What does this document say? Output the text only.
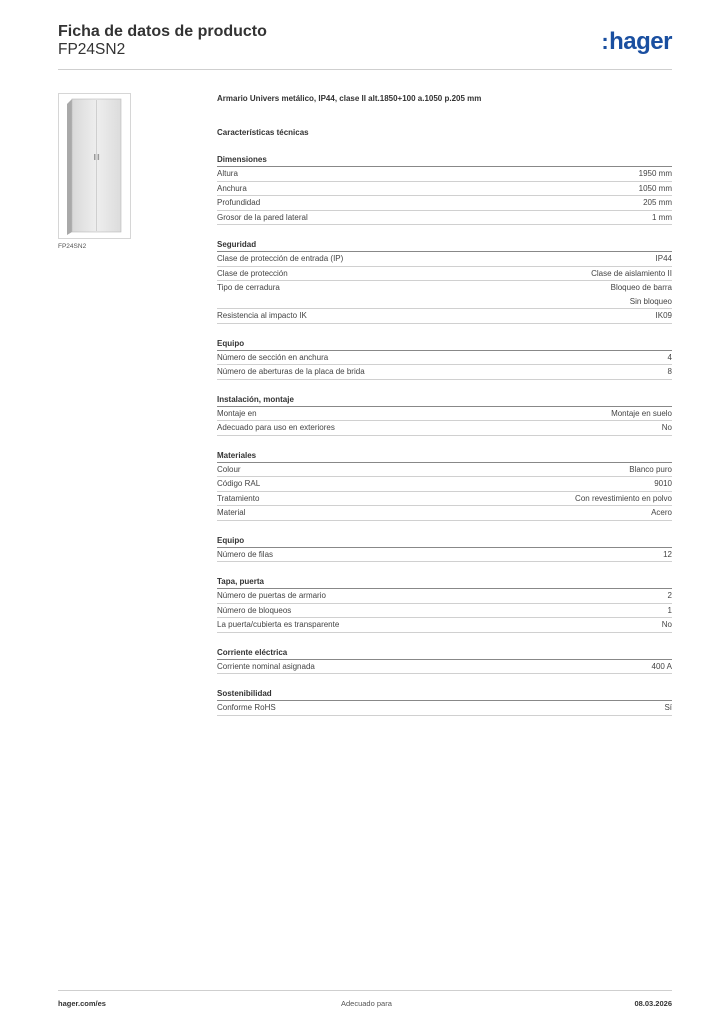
Ficha de datos de producto
FP24SN2	:hager
FP24SN2
Armario Univers metálico, IP44, clase II alt.1850+100 a.1050 p.205 mm
Características técnicas
Dimensiones
Altura	1950 mm
Anchura	1050 mm
Profundidad	205 mm
Grosor de la pared lateral	1 mm
Seguridad
Clase de protección de entrada (IP)	IP44
Clase de protección	Clase de aislamiento II
Tipo de cerradura	Bloqueo de barra
Sin bloqueo
Resistencia al impacto IK	IK09
Equipo
Número de sección en anchura	4
Número de aberturas de la placa de brida	8
Instalación, montaje
Montaje en	Montaje en suelo
Adecuado para uso en exteriores	No
Materiales
Colour	Blanco puro
Código RAL	9010
Tratamiento	Con revestimiento en polvo
Material	Acero
Equipo
Número de filas	12
Tapa, puerta
Número de puertas de armario	2
Número de bloqueos	1
La puerta/cubierta es transparente	No
Corriente eléctrica
Corriente nominal asignada	400 A
Sostenibilidad
Conforme RoHS	Sí
hager.com/es	Adecuado para	08.03.2026
